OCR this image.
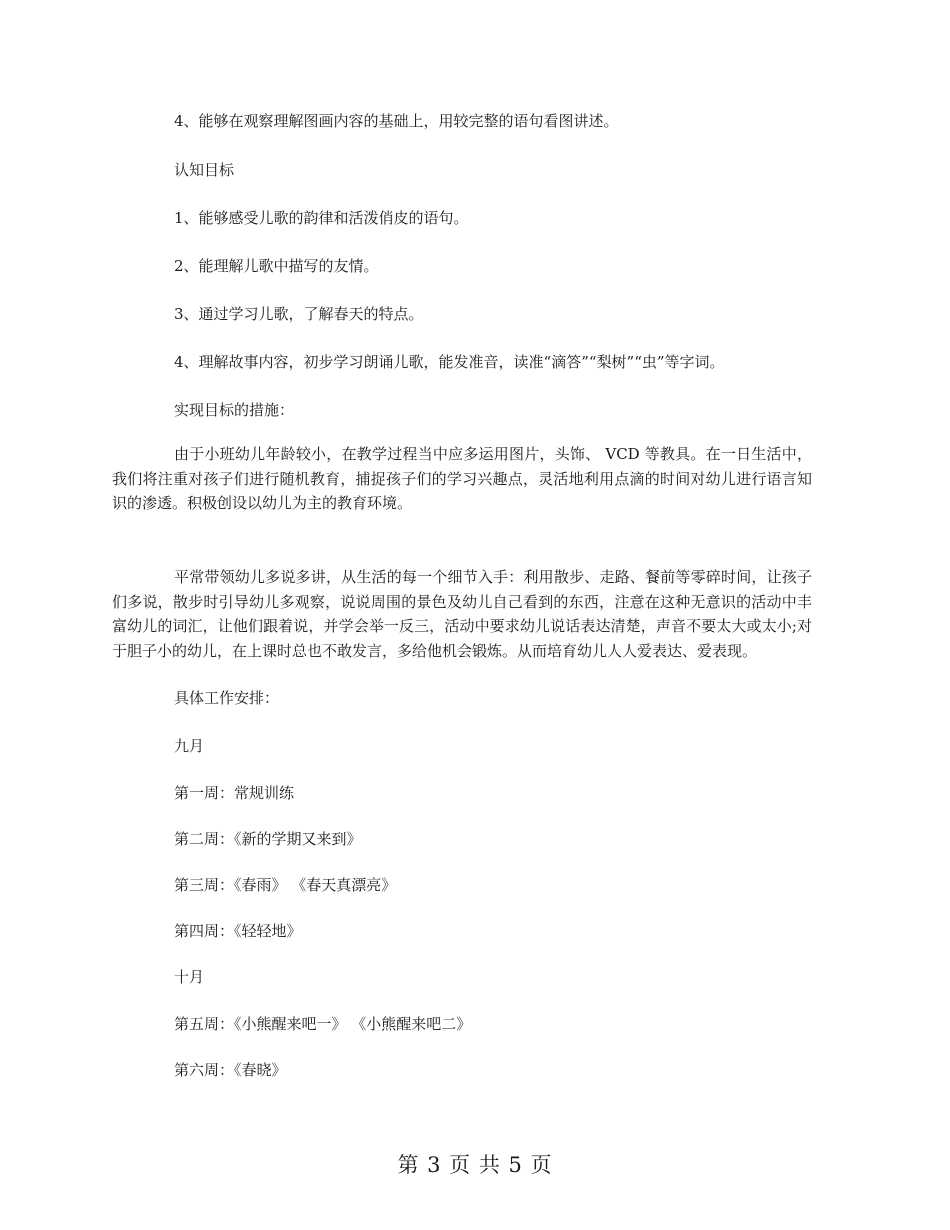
4、能够在观察理解图画内容的基础上，用较完整的语句看图讲述。
认知目标
1、能够感受儿歌的韵律和活泼俏皮的语句。
2、能理解儿歌中描写的友情。
3、通过学习儿歌，了解春天的特点。
4、理解故事内容，初步学习朗诵儿歌，能发准音，读准“滴答”“梨树”“虫”等字词。
实现目标的措施：

由于小班幼儿年龄较小，在教学过程当中应多运用图片，头饰、 VCD 等教具。在一日生活中，我们将注重对孩子们进行随机教育，捕捉孩子们的学习兴趣点，灵活地利用点滴的时间对幼儿进行语言知识的渗透。积极创设以幼儿为主的教育环境。

平常带领幼儿多说多讲，从生活的每一个细节入手：利用散步、走路、餐前等零碎时间，让孩子们多说，散步时引导幼儿多观察，说说周围的景色及幼儿自己看到的东西，注意在这种无意识的活动中丰富幼儿的词汇，让他们跟着说，并学会举一反三，活动中要求幼儿说话表达清楚，声音不要太大或太小;对于胆子小的幼儿，在上课时总也不敢发言，多给他机会锻炼。从而培育幼儿人人爱表达、爱表现。

具体工作安排：
九月
第一周：常规训练
第二周：《新的学期又来到》
第三周：《春雨》 《春天真漂亮》
第四周：《轻轻地》
十月
第五周：《小熊醒来吧一》 《小熊醒来吧二》
第六周：《春晓》
第 3 页 共 5 页
